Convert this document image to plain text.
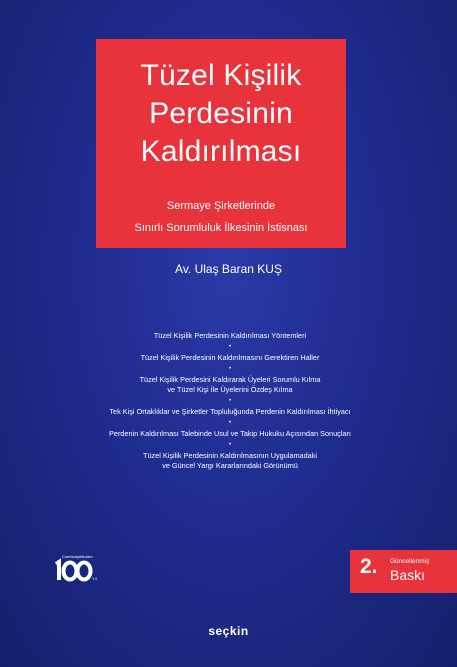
Tüzel Kişilik
Perdesinin
Kaldırılması
Sermaye Şirketlerinde
Sınırlı Sorumluluk İlkesinin İstisnası
Av. Ulaş Baran KUŞ
Tüzel Kişilik Perdesinin Kaldırılması Yöntemleri
•
Tüzel Kişilik Perdesinin Kaldırılmasını Gerektiren Haller
•
Tüzel Kişilik Perdesini Kaldırarak Üyeleri Sorumlu Kılma
ve Tüzel Kişi İle Üyelerini Özdeş Kılma
•
Tek Kişi Ortaklıklar ve Şirketler Topluluğunda Perdenin Kaldırılması İhtiyacı
•
Perdenin Kaldırılması Talebinde Usul ve Takip Hukuku Açısından Sonuçları
•
Tüzel Kişilik Perdesinin Kaldırılmasının Uygulamadaki
ve Güncel Yargı Kararlarındaki Görünümü
Cumhuriyetimizin
Yıl
2. Güncellenmiş
Baskı
seçkin
